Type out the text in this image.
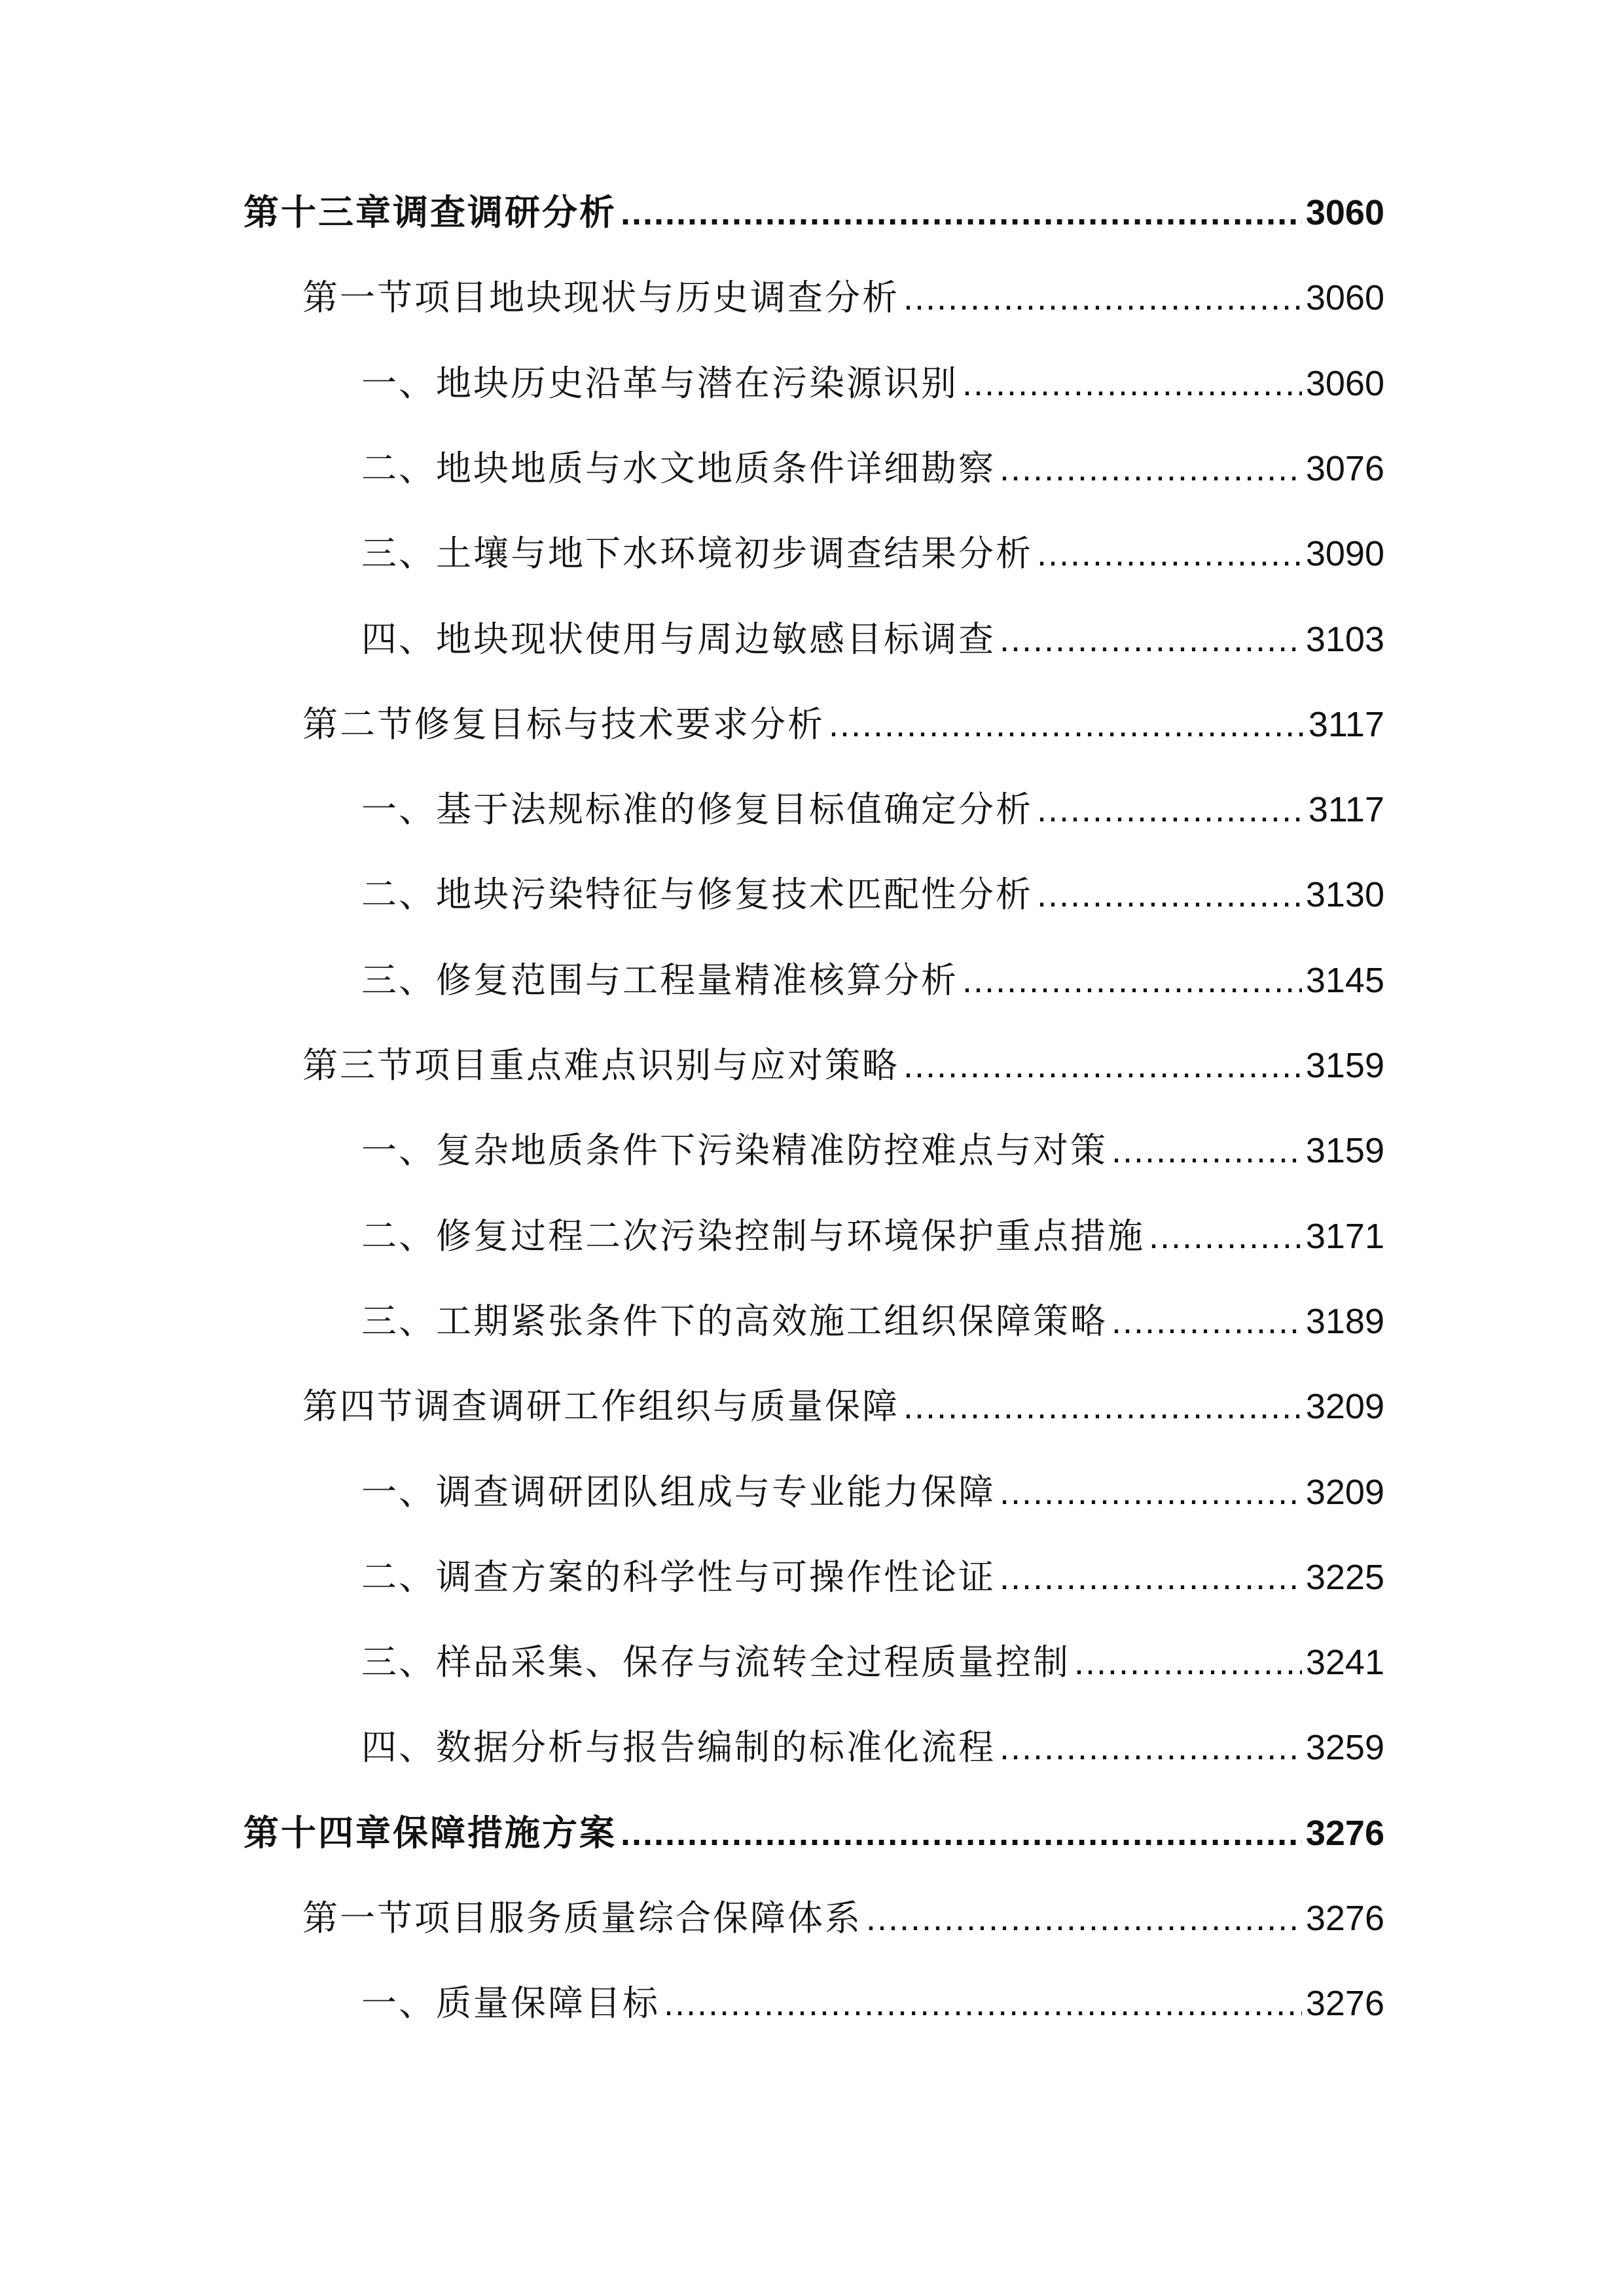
第十三章调查调研分析 .....	3060
第一节项目地块现状与历史调查分析 .....	3060
一、地块历史沿革与潜在污染源识别 .....	3060
二、地块地质与水文地质条件详细勘察 .....	3076
三、土壤与地下水环境初步调查结果分析 .....	3090
四、地块现状使用与周边敏感目标调查 .....	3103
第二节修复目标与技术要求分析 .....	3117
一、基于法规标准的修复目标值确定分析 .....	3117
二、地块污染特征与修复技术匹配性分析 .....	3130
三、修复范围与工程量精准核算分析 .....	3145
第三节项目重点难点识别与应对策略 .....	3159
一、复杂地质条件下污染精准防控难点与对策 .....	3159
二、修复过程二次污染控制与环境保护重点措施 .....	3171
三、工期紧张条件下的高效施工组织保障策略 .....	3189
第四节调查调研工作组织与质量保障 .....	3209
一、调查调研团队组成与专业能力保障 .....	3209
二、调查方案的科学性与可操作性论证 .....	3225
三、样品采集、保存与流转全过程质量控制 .....	3241
四、数据分析与报告编制的标准化流程 .....	3259
第十四章保障措施方案 .....	3276
第一节项目服务质量综合保障体系 .....	3276
一、质量保障目标 .....	3276
